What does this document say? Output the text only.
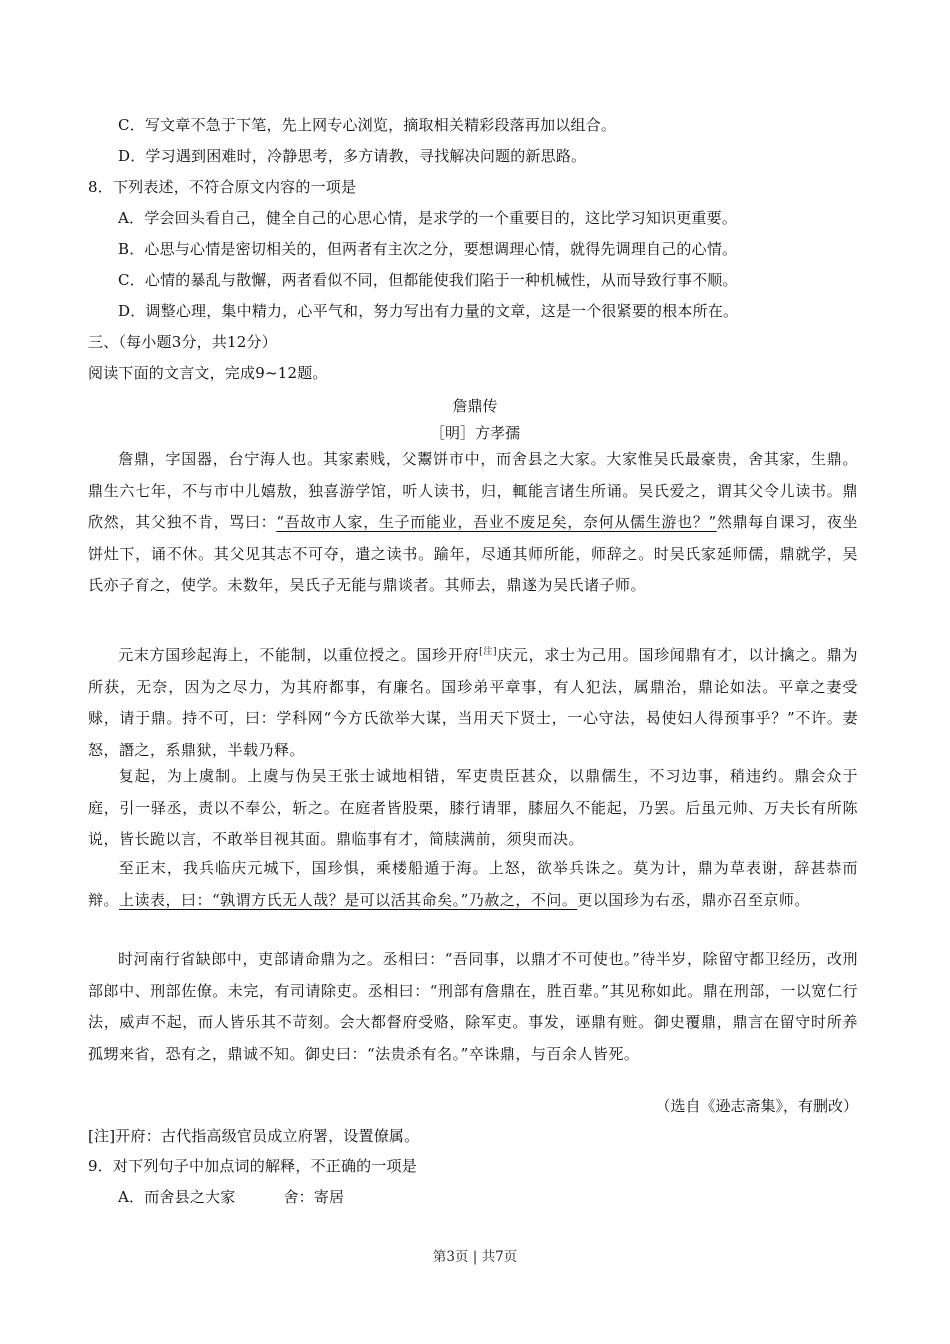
C．写文章不急于下笔，先上网专心浏览，摘取相关精彩段落再加以组合。
D．学习遇到困难时，冷静思考，多方请教，寻找解决问题的新思路。
8．下列表述，不符合原文内容的一项是
A．学会回头看自己，健全自己的心思心情，是求学的一个重要目的，这比学习知识更重要。
B．心思与心情是密切相关的，但两者有主次之分，要想调理心情，就得先调理自己的心情。
C．心情的暴乱与散懈，两者看似不同，但都能使我们陷于一种机械性，从而导致行事不顺。
D．调整心理，集中精力，心平气和，努力写出有力量的文章，这是一个很紧要的根本所在。
三、（每小题3分，共12分）
阅读下面的文言文，完成9~12题。
詹鼎传
［明］方孝孺
詹鼎，字国器，台宁海人也。其家素贱，父鬻饼市中，而舍县之大家。大家惟吴氏最豪贵，舍其家，生鼎。鼎生六七年，不与市中儿嬉敖，独喜游学馆，听人读书，归，輒能言诸生所诵。吴氏爱之，谓其父令儿读书。鼎欣然，其父独不肯，骂曰：“吾故市人家，生子而能业，吾业不废足矣，奈何从儒生游也？”然鼎每自课习，夜坐饼灶下，诵不休。其父见其志不可夺，遣之读书。踰年，尽通其师所能，师辞之。时吴氏家延师儒，鼎就学，吴氏亦子育之，使学。未数年，吴氏子无能与鼎谈者。其师去，鼎遂为吴氏诸子师。
元末方国珍起海上，不能制，以重位授之。国珍开府[注]庆元，求士为己用。国珍闻鼎有才，以计擒之。鼎为所获，无奈，因为之尽力，为其府都事，有廉名。国珍弟平章事，有人犯法，属鼎治，鼎论如法。平章之妻受赇，请于鼎。持不可，曰：学科网“今方氏欲举大谋，当用天下贤士，一心守法，曷使妇人得预事乎？”不许。妻怒，譖之，系鼎狱，半载乃释。
复起，为上虞制。上虞与伪吴王张士诚地相错，军吏贵臣甚众，以鼎儒生，不习边事，稍违约。鼎会众于庭，引一驿丞，责以不奉公，斩之。在庭者皆股栗，膝行请罪，膝屈久不能起，乃罢。后虽元帅、万夫长有所陈说，皆长跪以言，不敢举目视其面。鼎临事有才，简牍满前，须臾而决。
至正末，我兵临庆元城下，国珍惧，乘楼船遁于海。上怒，欲举兵诛之。莫为计，鼎为草表谢，辞甚恭而辩。上读表，曰：“孰谓方氏无人哉？是可以活其命矣。”乃赦之，不问。更以国珍为右丞，鼎亦召至京师。
时河南行省缺郎中，吏部请命鼎为之。丞相曰：“吾同事，以鼎才不可使也。”待半岁，除留守都卫经历，改刑部郎中、刑部佐僚。未完，有司请除吏。丞相曰：“刑部有詹鼎在，胜百辈。”其见称如此。鼎在刑部，一以宽仁行法，威声不起，而人皆乐其不苛刻。会大都督府受赂，除军吏。事发，诬鼎有赃。御史覆鼎，鼎言在留守时所养孤甥来省，恐有之，鼎诚不知。御史曰：“法贵杀有名。”卒诛鼎，与百余人皆死。
（选自《逊志斋集》，有删改）
[注]开府：古代指高级官员成立府署，设置僚属。
9．对下列句子中加点词的解释，不正确的一项是
A．而舍县之大家	舍：寄居
第3页 | 共7页
